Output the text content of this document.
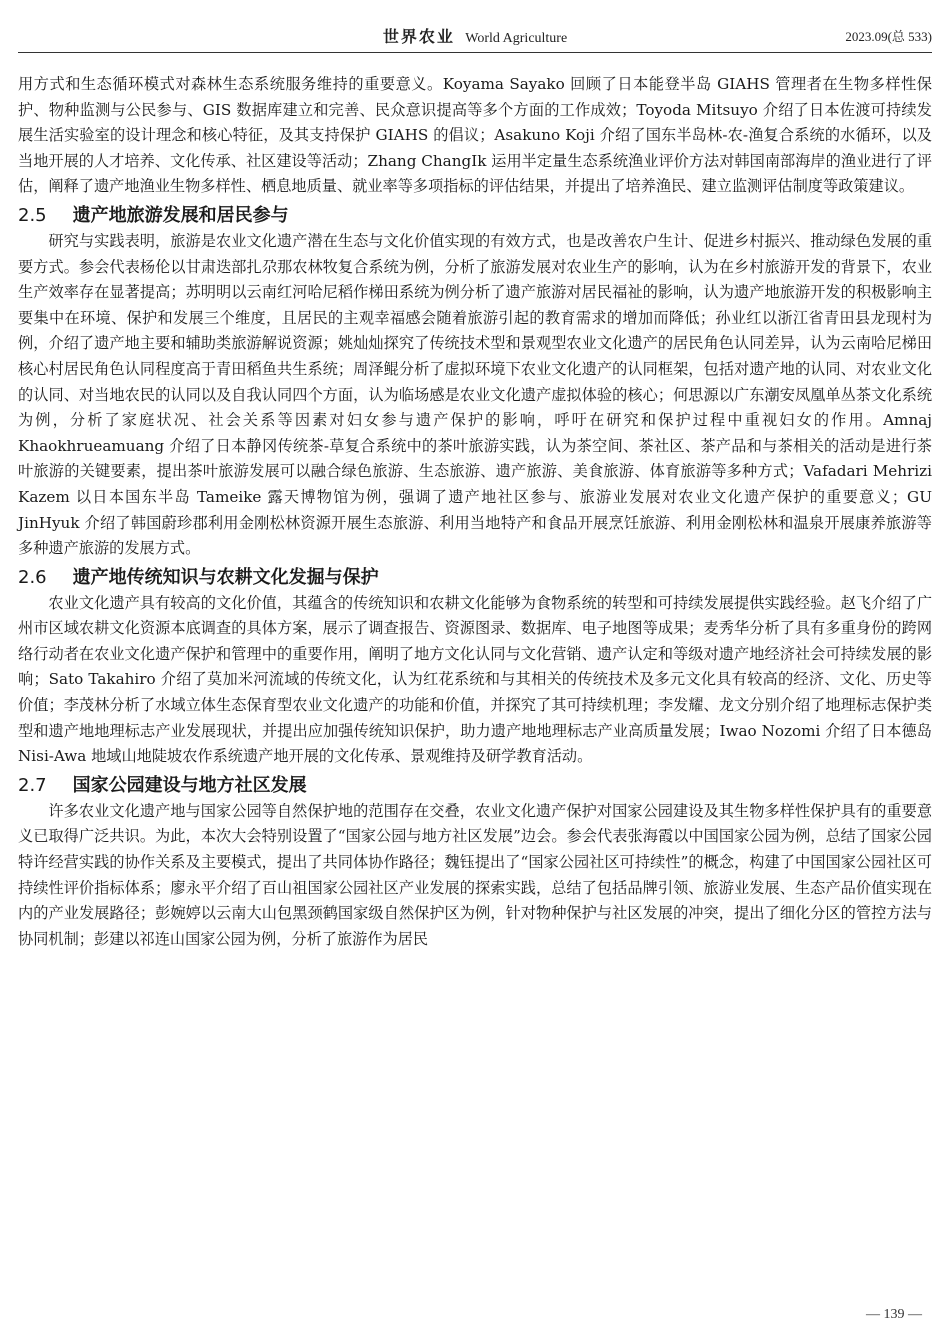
世界农业 World Agriculture	2023.09(总 533)

用方式和生态循环模式对森林生态系统服务维持的重要意义。Koyama Sayako 回顾了日本能登半岛 GIAHS 管理者在生物多样性保护、物种监测与公民参与、GIS 数据库建立和完善、民众意识提高等多个方面的工作成效；Toyoda Mitsuyo 介绍了日本佐渡可持续发展生活实验室的设计理念和核心特征，及其支持保护 GIAHS 的倡议；Asakuno Koji 介绍了国东半岛林-农-渔复合系统的水循环，以及当地开展的人才培养、文化传承、社区建设等活动；Zhang ChangIk 运用半定量生态系统渔业评价方法对韩国南部海岸的渔业进行了评估，阐释了遗产地渔业生物多样性、栖息地质量、就业率等多项指标的评估结果，并提出了培养渔民、建立监测评估制度等政策建议。

2.5 遗产地旅游发展和居民参与

研究与实践表明，旅游是农业文化遗产潜在生态与文化价值实现的有效方式，也是改善农户生计、促进乡村振兴、推动绿色发展的重要方式。参会代表杨伦以甘肃迭部扎尕那农林牧复合系统为例，分析了旅游发展对农业生产的影响，认为在乡村旅游开发的背景下，农业生产效率存在显著提高；苏明明以云南红河哈尼稻作梯田系统为例分析了遗产旅游对居民福祉的影响，认为遗产地旅游开发的积极影响主要集中在环境、保护和发展三个维度，且居民的主观幸福感会随着旅游引起的教育需求的增加而降低；孙业红以浙江省青田县龙现村为例，介绍了遗产地主要和辅助类旅游解说资源；姚灿灿探究了传统技术型和景观型农业文化遗产的居民角色认同差异，认为云南哈尼梯田核心村居民角色认同程度高于青田稻鱼共生系统；周泽鲲分析了虚拟环境下农业文化遗产的认同框架，包括对遗产地的认同、对农业文化的认同、对当地农民的认同以及自我认同四个方面，认为临场感是农业文化遗产虚拟体验的核心；何思源以广东潮安凤凰单丛茶文化系统为例，分析了家庭状况、社会关系等因素对妇女参与遗产保护的影响，呼吁在研究和保护过程中重视妇女的作用。Amnaj Khaokhrueamuang 介绍了日本静冈传统茶-草复合系统中的茶叶旅游实践，认为茶空间、茶社区、茶产品和与茶相关的活动是进行茶叶旅游的关键要素，提出茶叶旅游发展可以融合绿色旅游、生态旅游、遗产旅游、美食旅游、体育旅游等多种方式；Vafadari Mehrizi Kazem 以日本国东半岛 Tameike 露天博物馆为例，强调了遗产地社区参与、旅游业发展对农业文化遗产保护的重要意义；GU JinHyuk 介绍了韩国蔚珍郡利用金刚松林资源开展生态旅游、利用当地特产和食品开展烹饪旅游、利用金刚松林和温泉开展康养旅游等多种遗产旅游的发展方式。

2.6 遗产地传统知识与农耕文化发掘与保护

农业文化遗产具有较高的文化价值，其蕴含的传统知识和农耕文化能够为食物系统的转型和可持续发展提供实践经验。赵飞介绍了广州市区域农耕文化资源本底调查的具体方案，展示了调查报告、资源图录、数据库、电子地图等成果；麦秀华分析了具有多重身份的跨网络行动者在农业文化遗产保护和管理中的重要作用，阐明了地方文化认同与文化营销、遗产认定和等级对遗产地经济社会可持续发展的影响；Sato Takahiro 介绍了莫加米河流域的传统文化，认为红花系统和与其相关的传统技术及多元文化具有较高的经济、文化、历史等价值；李茂林分析了水域立体生态保育型农业文化遗产的功能和价值，并探究了其可持续机理；李发耀、龙文分别介绍了地理标志保护类型和遗产地地理标志产业发展现状，并提出应加强传统知识保护，助力遗产地地理标志产业高质量发展；Iwao Nozomi 介绍了日本德岛 Nisi-Awa 地域山地陡坡农作系统遗产地开展的文化传承、景观维持及研学教育活动。

2.7 国家公园建设与地方社区发展

许多农业文化遗产地与国家公园等自然保护地的范围存在交叠，农业文化遗产保护对国家公园建设及其生物多样性保护具有的重要意义已取得广泛共识。为此，本次大会特别设置了“国家公园与地方社区发展”边会。参会代表张海霞以中国国家公园为例，总结了国家公园特许经营实践的协作关系及主要模式，提出了共同体协作路径；魏钰提出了“国家公园社区可持续性”的概念，构建了中国国家公园社区可持续性评价指标体系；廖永平介绍了百山祖国家公园社区产业发展的探索实践，总结了包括品牌引领、旅游业发展、生态产品价值实现在内的产业发展路径；彭婉婷以云南大山包黑颈鹤国家级自然保护区为例，针对物种保护与社区发展的冲突，提出了细化分区的管控方法与协同机制；彭建以祁连山国家公园为例，分析了旅游作为居民

— 139 —
